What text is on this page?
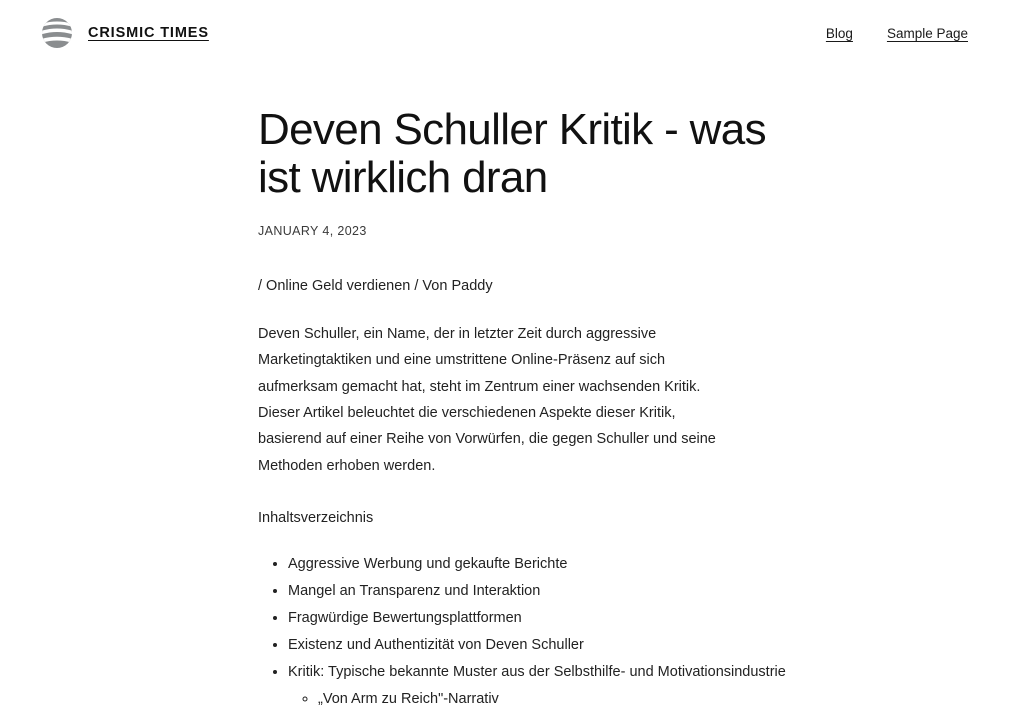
CRISMIC TIMES	Blog	Sample Page
Deven Schuller Kritik - was ist wirklich dran
JANUARY 4, 2023
/ Online Geld verdienen / Von Paddy

Deven Schuller, ein Name, der in letzter Zeit durch aggressive Marketingtaktiken und eine umstrittene Online-Präsenz auf sich aufmerksam gemacht hat, steht im Zentrum einer wachsenden Kritik. Dieser Artikel beleuchtet die verschiedenen Aspekte dieser Kritik, basierend auf einer Reihe von Vorwürfen, die gegen Schuller und seine Methoden erhoben werden.

Inhaltsverzeichnis
• Aggressive Werbung und gekaufte Berichte
• Mangel an Transparenz und Interaktion
• Fragwürdige Bewertungsplattformen
• Existenz und Authentizität von Deven Schuller
• Kritik: Typische bekannte Muster aus der Selbsthilfe- und Motivationsindustrie
◦ „Von Arm zu Reich"-Narrativ
